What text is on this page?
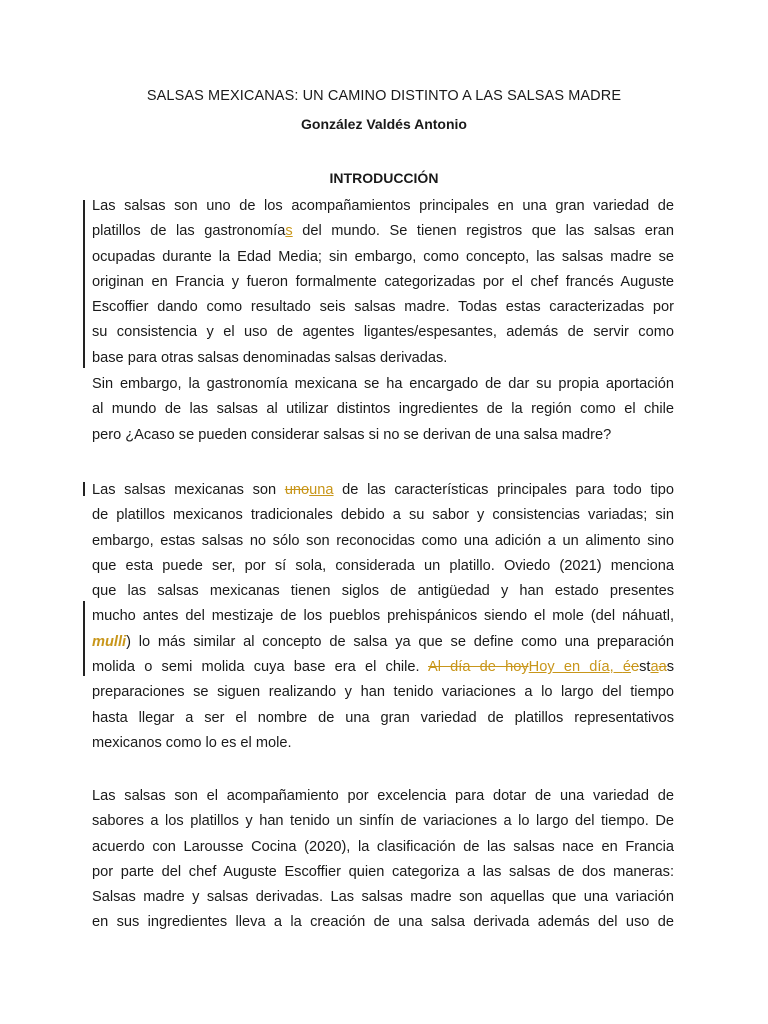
SALSAS MEXICANAS: UN CAMINO DISTINTO A LAS SALSAS MADRE
González Valdés Antonio
INTRODUCCIÓN
Las salsas son uno de los acompañamientos principales en una gran variedad de
platillos de las gastronomías del mundo. Se tienen registros que las salsas eran
ocupadas durante la Edad Media; sin embargo, como concepto, las salsas madre se
originan en Francia y fueron formalmente categorizadas por el chef francés Auguste
Escoffier dando como resultado seis salsas madre. Todas estas caracterizadas por
su consistencia y el uso de agentes ligantes/espesantes, además de servir como
base para otras salsas denominadas salsas derivadas.
Sin embargo, la gastronomía mexicana se ha encargado de dar su propia aportación
al mundo de las salsas al utilizar distintos ingredientes de la región como el chile
pero ¿Acaso se pueden considerar salsas si no se derivan de una salsa madre?
Las salsas mexicanas son unouna de las características principales para todo tipo
de platillos mexicanos tradicionales debido a su sabor y consistencias variadas; sin
embargo, estas salsas no sólo son reconocidas como una adición a un alimento sino
que esta puede ser, por sí sola, considerada un platillo. Oviedo (2021) menciona
que las salsas mexicanas tienen siglos de antigüedad y han estado presentes
mucho antes del mestizaje de los pueblos prehispánicos siendo el mole (del náhuatl,
mulli) lo más similar al concepto de salsa ya que se define como una preparación
molida o semi molida cuya base era el chile. Al día de hoyHoy en día, éestaas
preparaciones se siguen realizando y han tenido variaciones a lo largo del tiempo
hasta llegar a ser el nombre de una gran variedad de platillos representativos
mexicanos como lo es el mole.
Las salsas son el acompañamiento por excelencia para dotar de una variedad de
sabores a los platillos y han tenido un sinfín de variaciones a lo largo del tiempo. De
acuerdo con Larousse Cocina (2020), la clasificación de las salsas nace en Francia
por parte del chef Auguste Escoffier quien categoriza a las salsas de dos maneras:
Salsas madre y salsas derivadas. Las salsas madre son aquellas que una variación
en sus ingredientes lleva a la creación de una salsa derivada además del uso de
